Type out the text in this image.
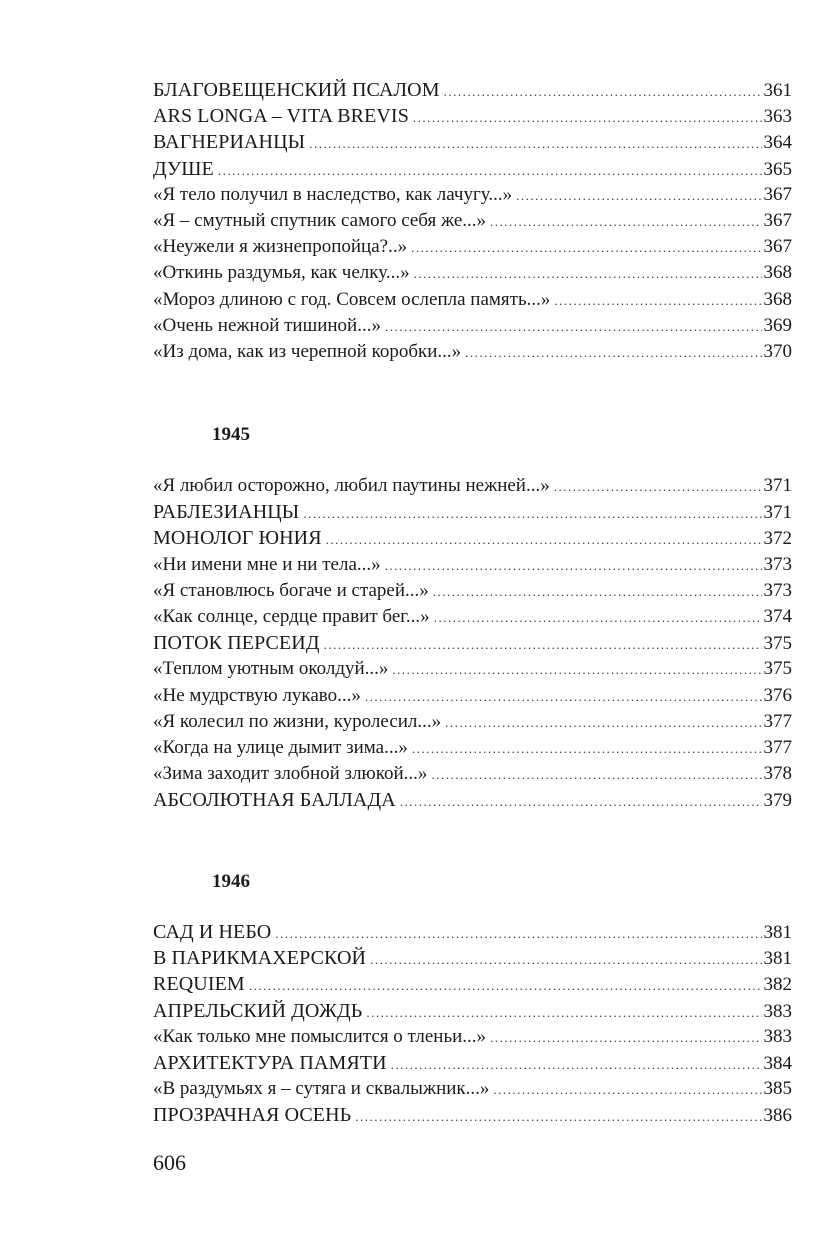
БЛАГОВЕЩЕНСКИЙ ПСАЛОМ .....	361
ARS LONGA – VITA BREVIS .....	363
ВАГНЕРИАНЦЫ .....	364
ДУШЕ .....	365
«Я тело получил в наследство, как лачугу...» .....	367
«Я – смутный спутник самого себя же...» .....	367
«Неужели я жизнепропойца?..» .....	367
«Откинь раздумья, как челку...» .....	368
«Мороз длиною с год. Совсем ослепла память...» .....	368
«Очень нежной тишиной...» .....	369
«Из дома, как из черепной коробки...» .....	370
1945
«Я любил осторожно, любил паутины нежней...» .....	371
РАБЛЕЗИАНЦЫ .....	371
МОНОЛОГ ЮНИЯ .....	372
«Ни имени мне и ни тела...» .....	373
«Я становлюсь богаче и старей...» .....	373
«Как солнце, сердце правит бег...» .....	374
ПОТОК ПЕРСЕИД .....	375
«Теплом уютным околдуй...» .....	375
«Не мудрствую лукаво...» .....	376
«Я колесил по жизни, куролесил...» .....	377
«Когда на улице дымит зима...» .....	377
«Зима заходит злобной злюкой...» .....	378
АБСОЛЮТНАЯ БАЛЛАДА .....	379
1946
САД И НЕБО .....	381
В ПАРИКМАХЕРСКОЙ .....	381
REQUIEM .....	382
АПРЕЛЬСКИЙ ДОЖДЬ .....	383
«Как только мне помыслится о тленьи...» .....	383
АРХИТЕКТУРА ПАМЯТИ .....	384
«В раздумьях я – сутяга и сквалыжник...» .....	385
ПРОЗРАЧНАЯ ОСЕНЬ .....	386
606
